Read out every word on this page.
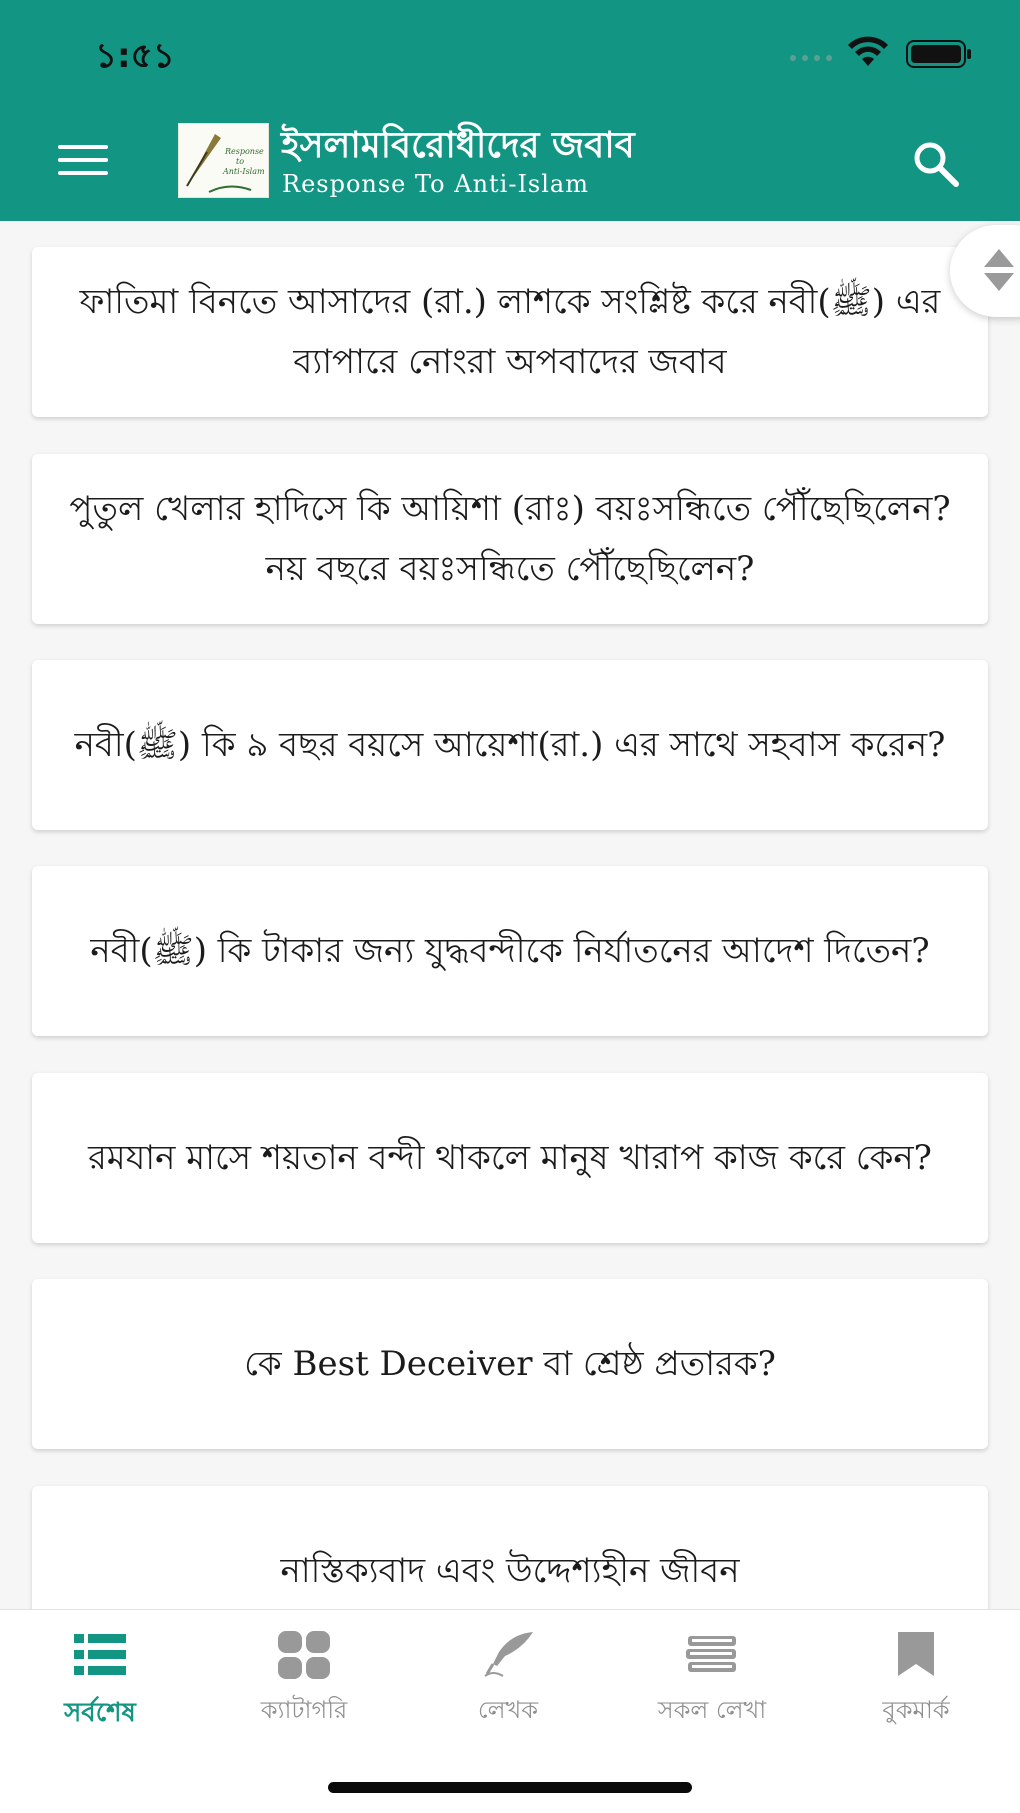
১:৫১
Response
to
Anti-Islam
ইসলামবিরোধীদের জবাব
Response To Anti-Islam
ফাতিমা বিনতে আসাদের (রা.) লাশকে সংশ্লিষ্ট করে নবী(ﷺ) এর ব্যাপারে নোংরা অপবাদের জবাব
পুতুল খেলার হাদিসে কি আয়িশা (রাঃ) বয়ঃসন্ধিতে পৌঁছেছিলেন? নয় বছরে বয়ঃসন্ধিতে পৌঁছেছিলেন?
নবী(ﷺ) কি ৯ বছর বয়সে আয়েশা(রা.) এর সাথে সহবাস করেন?
নবী(ﷺ) কি টাকার জন্য যুদ্ধবন্দীকে নির্যাতনের আদেশ দিতেন?
রমযান মাসে শয়তান বন্দী থাকলে মানুষ খারাপ কাজ করে কেন?
কে Best Deceiver বা শ্রেষ্ঠ প্রতারক?
নাস্তিক্যবাদ এবং উদ্দেশ্যহীন জীবন
সর্বশেষ	ক্যাটাগরি	লেখক	সকল লেখা	বুকমার্ক
